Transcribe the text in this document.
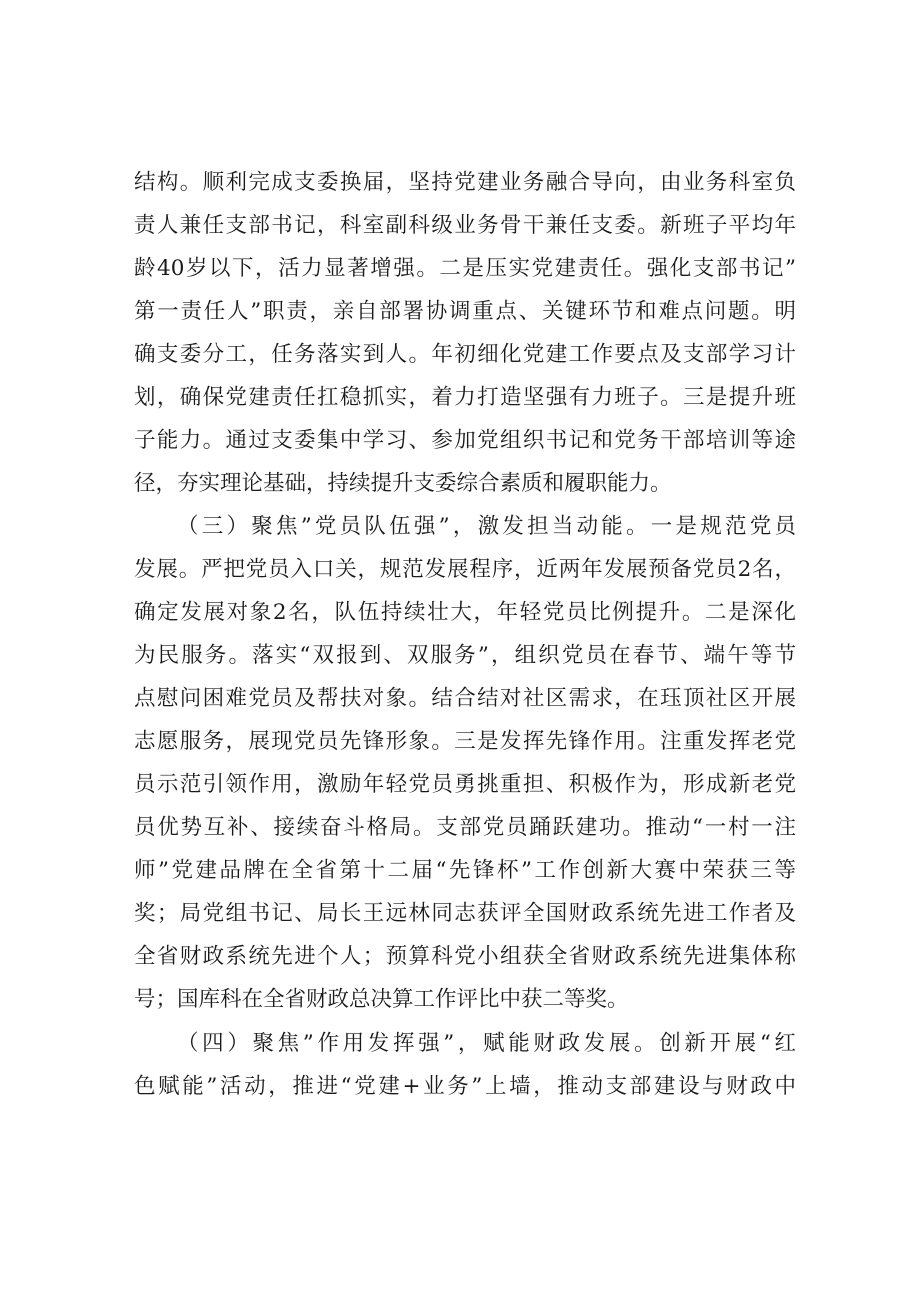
结构。顺利完成支委换届，坚持党建业务融合导向，由业务科室负
责人兼任支部书记，科室副科级业务骨干兼任支委。新班子平均年
龄40岁以下，活力显著增强。二是压实党建责任。强化支部书记”
第一责任人”职责，亲自部署协调重点、关键环节和难点问题。明
确支委分工，任务落实到人。年初细化党建工作要点及支部学习计
划，确保党建责任扛稳抓实，着力打造坚强有力班子。三是提升班
子能力。通过支委集中学习、参加党组织书记和党务干部培训等途
径，夯实理论基础，持续提升支委综合素质和履职能力。
（三）聚焦”党员队伍强”，激发担当动能。一是规范党员
发展。严把党员入口关，规范发展程序，近两年发展预备党员2名，
确定发展对象2名，队伍持续壮大，年轻党员比例提升。二是深化
为民服务。落实“双报到、双服务”，组织党员在春节、端午等节
点慰问困难党员及帮扶对象。结合结对社区需求，在珏顶社区开展
志愿服务，展现党员先锋形象。三是发挥先锋作用。注重发挥老党
员示范引领作用，激励年轻党员勇挑重担、积极作为，形成新老党
员优势互补、接续奋斗格局。支部党员踊跃建功。推动“一村一注
师”党建品牌在全省第十二届“先锋杯”工作创新大赛中荣获三等
奖；局党组书记、局长王远林同志获评全国财政系统先进工作者及
全省财政系统先进个人；预算科党小组获全省财政系统先进集体称
号；国库科在全省财政总决算工作评比中获二等奖。
（四）聚焦”作用发挥强”，赋能财政发展。创新开展“红
色赋能”活动，推进“党建+业务”上墙，推动支部建设与财政中
